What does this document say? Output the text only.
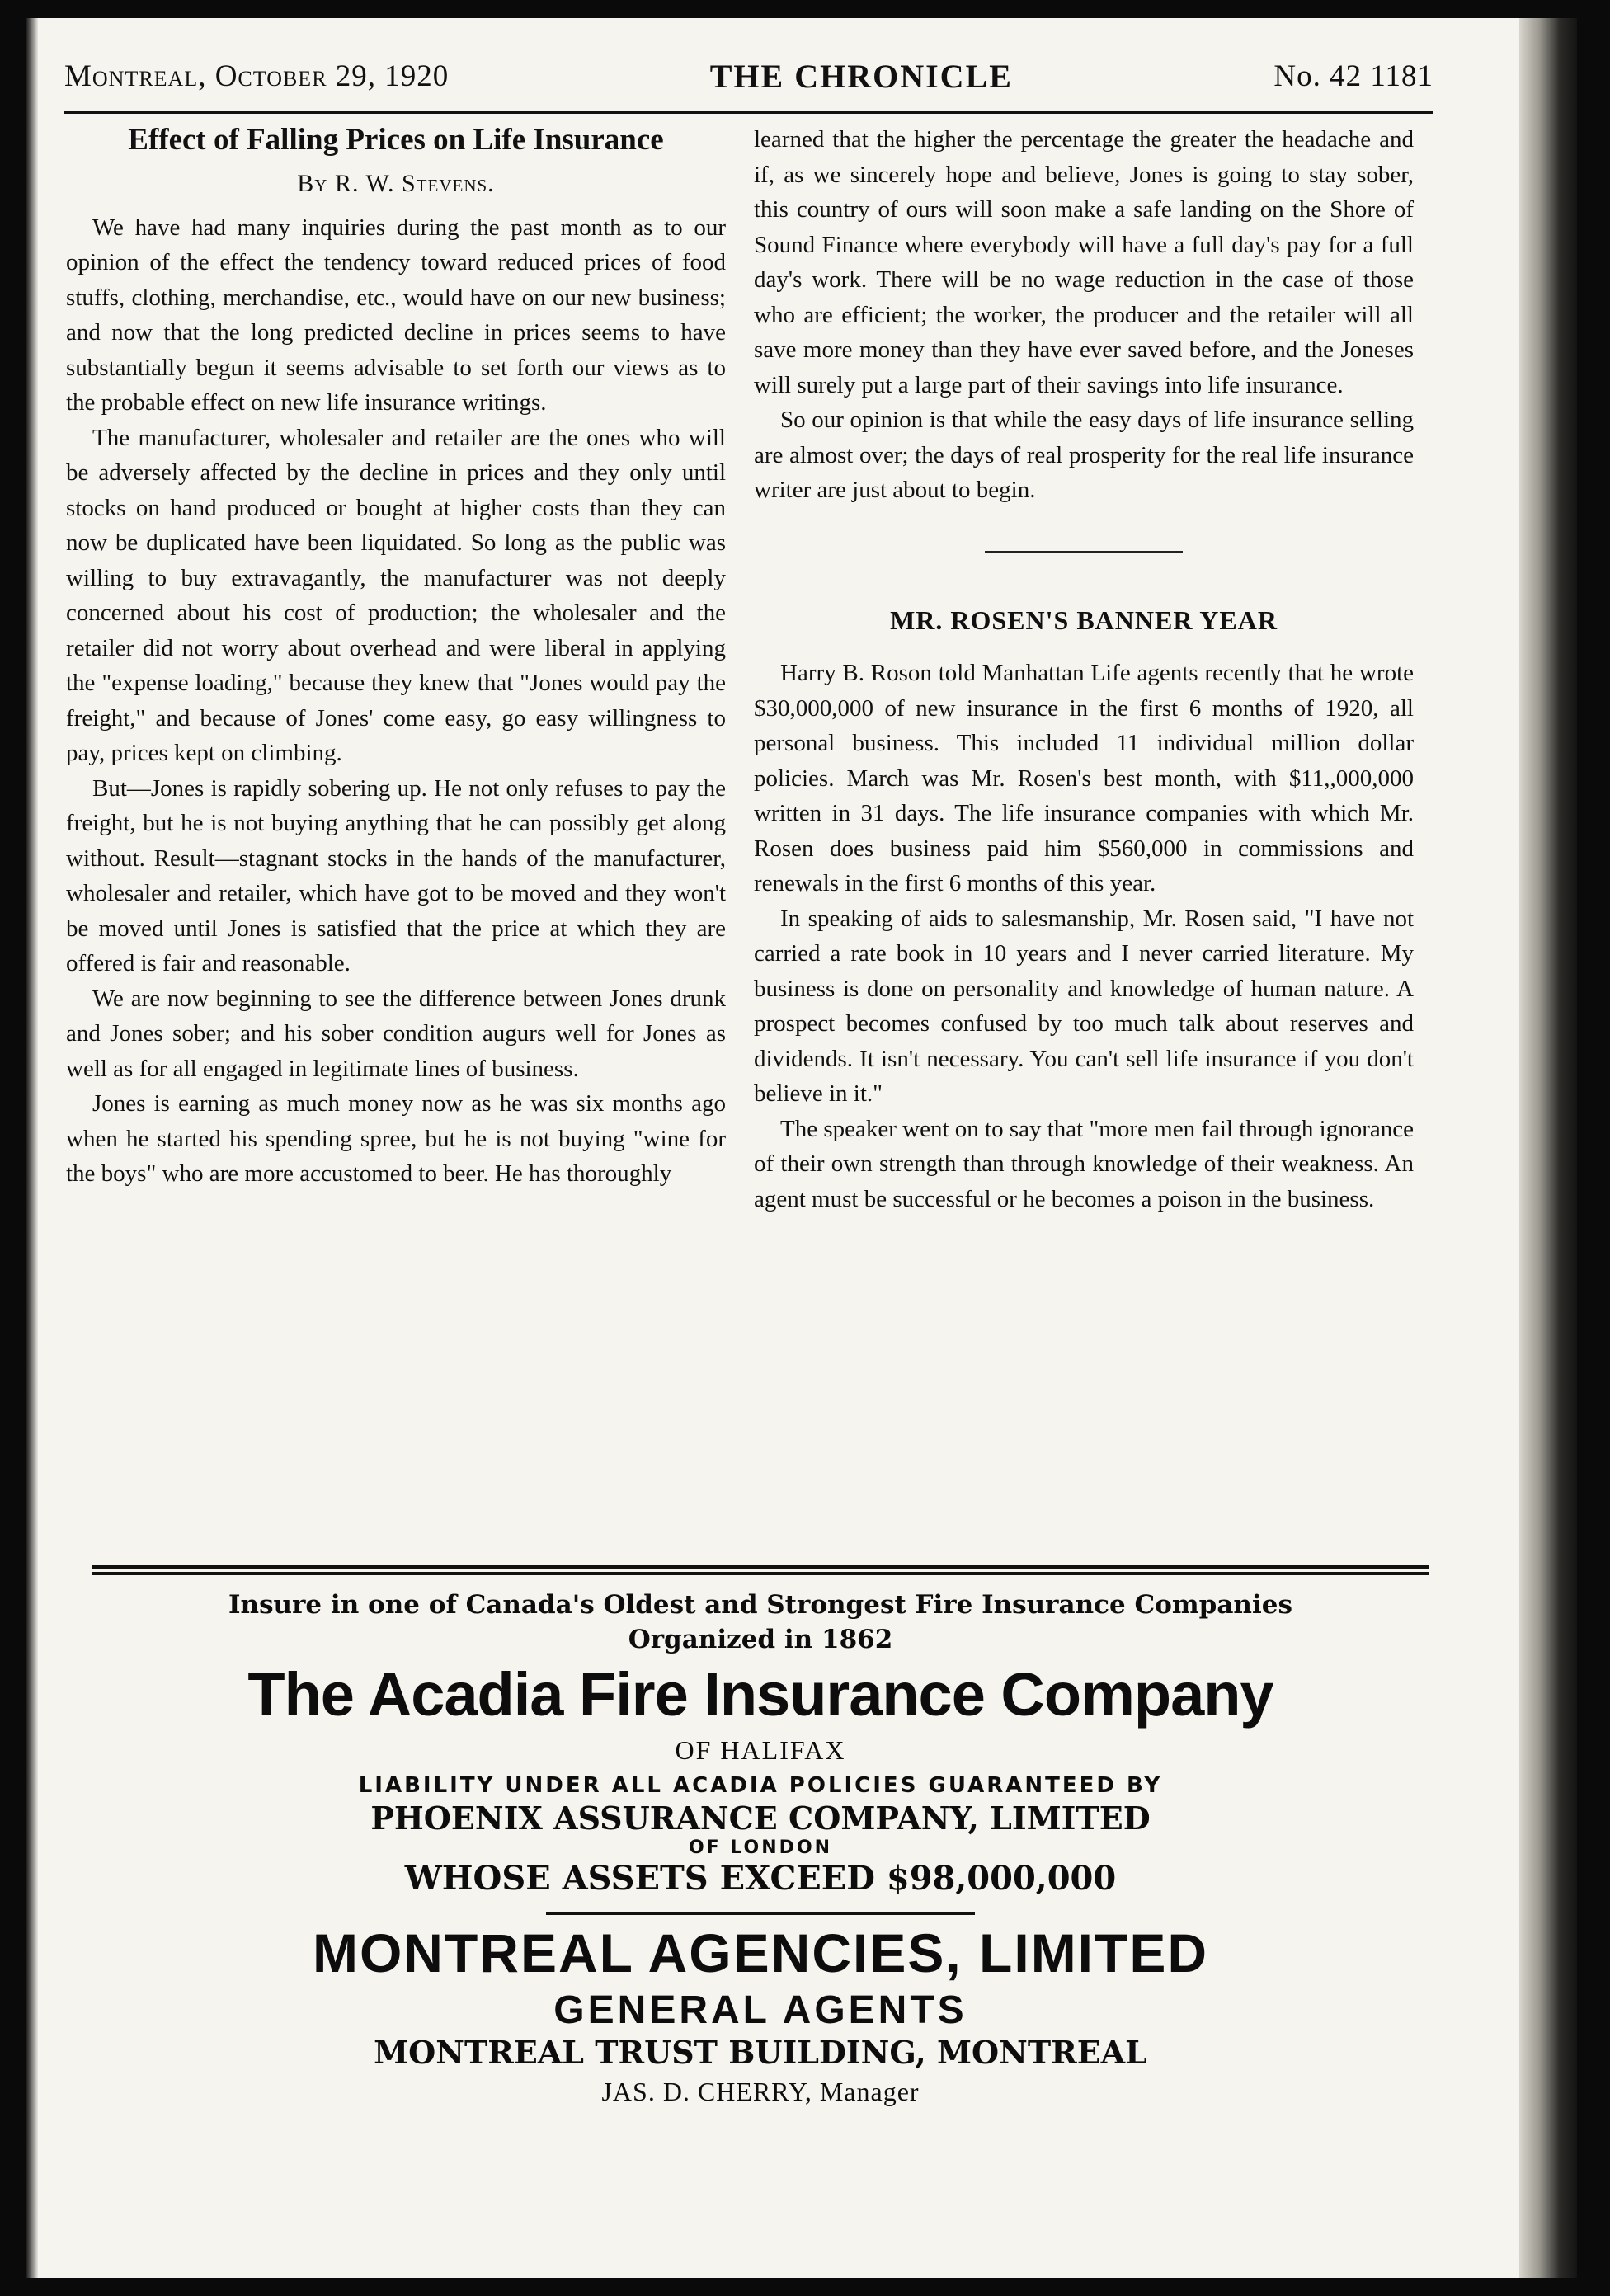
Montreal, October 29, 1920	THE CHRONICLE	No. 42 1181
Effect of Falling Prices on Life Insurance
By R. W. Stevens.

We have had many inquiries during the past month as to our opinion of the effect the tendency toward reduced prices of food stuffs, clothing, merchandise, etc., would have on our new business; and now that the long predicted decline in prices seems to have substantially begun it seems advisable to set forth our views as to the probable effect on new life insurance writings.

The manufacturer, wholesaler and retailer are the ones who will be adversely affected by the decline in prices and they only until stocks on hand produced or bought at higher costs than they can now be duplicated have been liquidated. So long as the public was willing to buy extravagantly, the manufacturer was not deeply concerned about his cost of production; the wholesaler and the retailer did not worry about overhead and were liberal in applying the "expense loading," because they knew that "Jones would pay the freight," and because of Jones' come easy, go easy willingness to pay, prices kept on climbing.

But—Jones is rapidly sobering up. He not only refuses to pay the freight, but he is not buying anything that he can possibly get along without. Result—stagnant stocks in the hands of the manufacturer, wholesaler and retailer, which have got to be moved and they won't be moved until Jones is satisfied that the price at which they are offered is fair and reasonable.

We are now beginning to see the difference between Jones drunk and Jones sober; and his sober condition augurs well for Jones as well as for all engaged in legitimate lines of business.

Jones is earning as much money now as he was six months ago when he started his spending spree, but he is not buying "wine for the boys" who are more accustomed to beer. He has thoroughly

learned that the higher the percentage the greater the headache and if, as we sincerely hope and believe, Jones is going to stay sober, this country of ours will soon make a safe landing on the Shore of Sound Finance where everybody will have a full day's pay for a full day's work. There will be no wage reduction in the case of those who are efficient; the worker, the producer and the retailer will all save more money than they have ever saved before, and the Joneses will surely put a large part of their savings into life insurance.

So our opinion is that while the easy days of life insurance selling are almost over; the days of real prosperity for the real life insurance writer are just about to begin.

MR. ROSEN'S BANNER YEAR

Harry B. Roson told Manhattan Life agents recently that he wrote $30,000,000 of new insurance in the first 6 months of 1920, all personal business. This included 11 individual million dollar policies. March was Mr. Rosen's best month, with $11,,000,000 written in 31 days. The life insurance companies with which Mr. Rosen does business paid him $560,000 in commissions and renewals in the first 6 months of this year.

In speaking of aids to salesmanship, Mr. Rosen said, "I have not carried a rate book in 10 years and I never carried literature. My business is done on personality and knowledge of human nature. A prospect becomes confused by too much talk about reserves and dividends. It isn't necessary. You can't sell life insurance if you don't believe in it."

The speaker went on to say that "more men fail through ignorance of their own strength than through knowledge of their weakness. An agent must be successful or he becomes a poison in the business.

Insure in one of Canada's Oldest and Strongest Fire Insurance Companies
Organized in 1862
The Acadia Fire Insurance Company
OF HALIFAX
LIABILITY UNDER ALL ACADIA POLICIES GUARANTEED BY
PHOENIX ASSURANCE COMPANY, LIMITED
OF LONDON
WHOSE ASSETS EXCEED $98,000,000
MONTREAL AGENCIES, LIMITED
GENERAL AGENTS
MONTREAL TRUST BUILDING, MONTREAL
JAS. D. CHERRY, Manager
